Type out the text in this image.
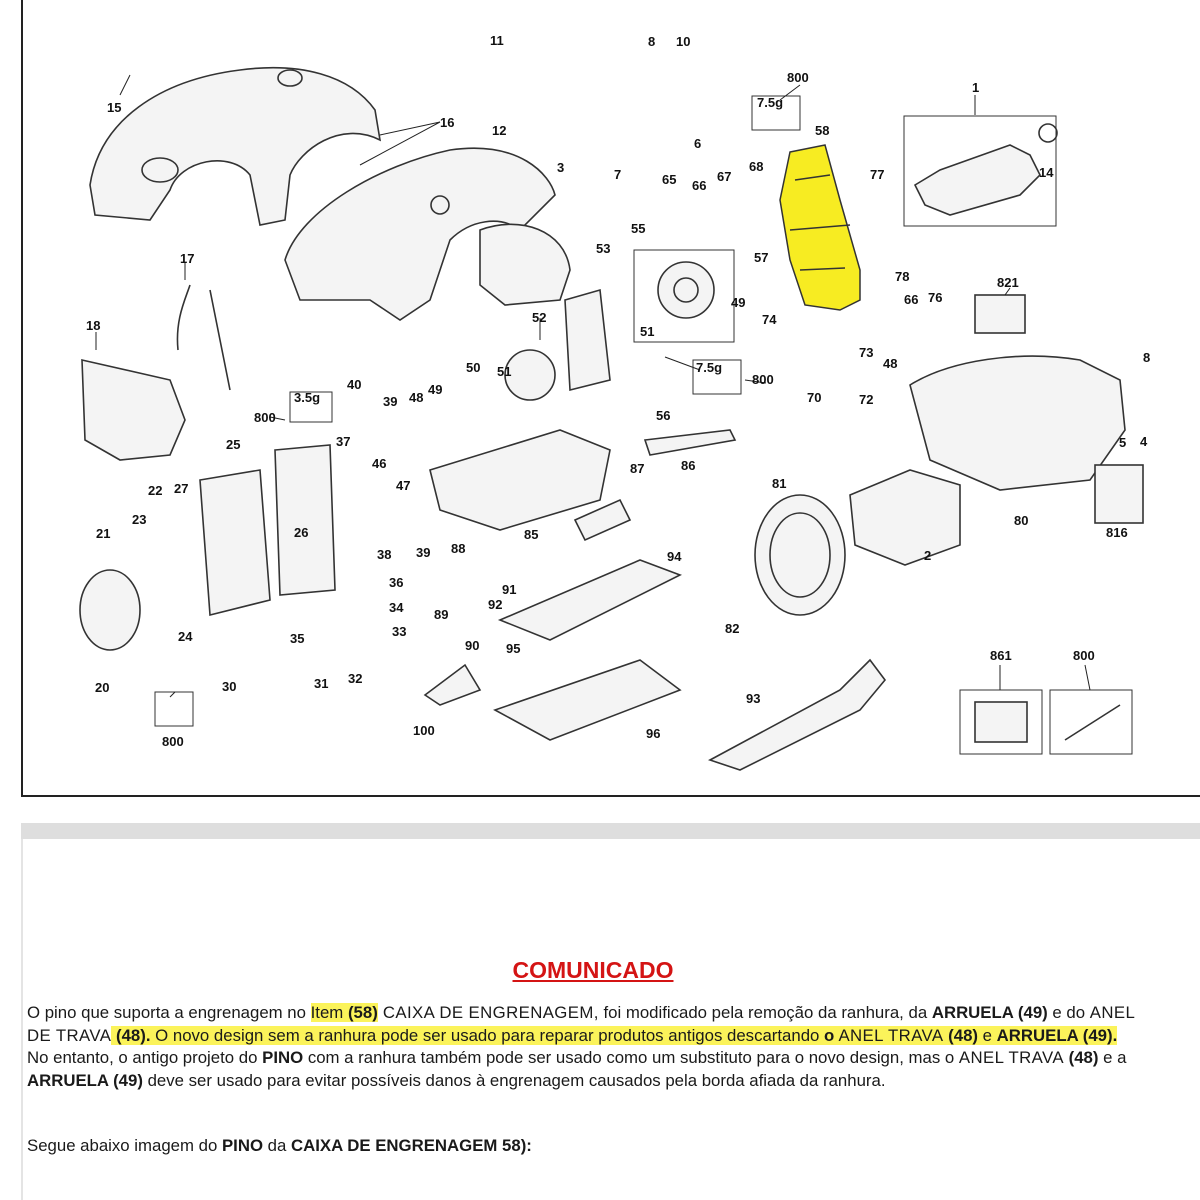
7.5g
3.5g
7.5g
1
2
3
4
5
6
7
8
8
10
11
12
14
15
16
17
18
20
21
22
23
24
25
26
27
30	31 32
33
34
35
36
37
38
39
39
40
46
47
48
48
49
49
50 51
51
52
53
55
56
57
58
65 66
66
67
68
70	72
73
74
76
77
78
80
81
82
85
86
87
88
89
90
91
92
93
94
95
96
100
800
800
800
800
800
816
821
861
COMUNICADO

O pino que suporta a engrenagem no Item (58) CAIXA DE ENGRENAGEM, foi modificado pela remoção da ranhura, da ARRUELA (49) e do ANEL DE TRAVA (48). O novo design sem a ranhura pode ser usado para reparar produtos antigos descartando o ANEL TRAVA (48) e ARRUELA (49). No entanto, o antigo projeto do PINO com a ranhura também pode ser usado como um substituto para o novo design, mas o ANEL TRAVA (48) e a ARRUELA (49) deve ser usado para evitar possíveis danos à engrenagem causados pela borda afiada da ranhura.

Segue abaixo imagem do PINO da CAIXA DE ENGRENAGEM 58):
